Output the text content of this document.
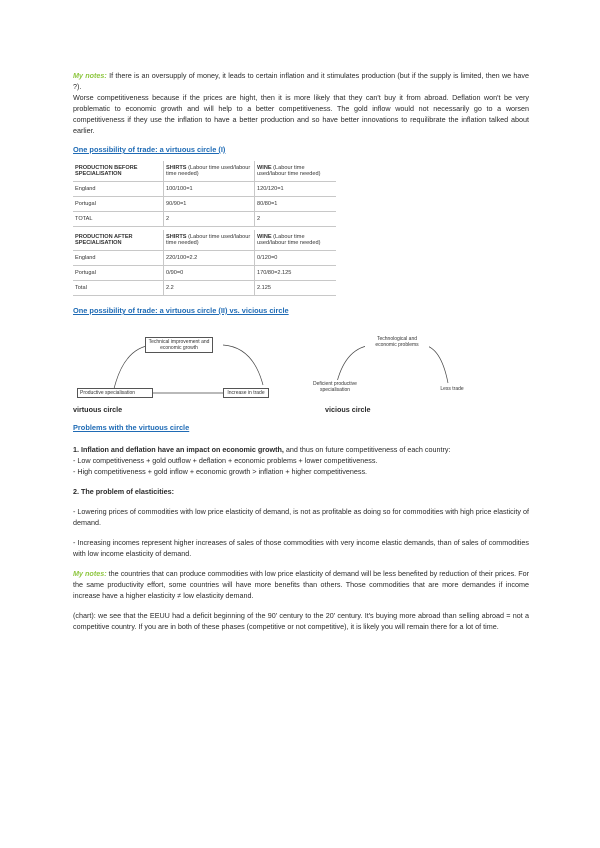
My notes: If there is an oversupply of money, it leads to certain inflation and it stimulates production (but if the supply is limited, then we have ?).

Worse competitiveness because if the prices are hight, then it is more likely that they can't buy it from abroad. Deflation won't be very problematic to economic growth and will help to a better competitiveness. The gold inflow would not necessarily go to a worsen competitiveness if they use the inflation to have a better production and so have better innovations to requilibrate the inflation talked about earlier.

One possibility of trade: a virtuous circle (I)
PRODUCTION BEFORE SPECIALISATION	SHIRTS (Labour time used/labour time needed)	WINE (Labour time used/labour time needed)
England	100/100=1	120/120=1
Portugal	90/90=1	80/80=1
TOTAL	2	2

PRODUCTION AFTER SPECIALISATION	SHIRTS (Labour time used/labour time needed)	WINE (Labour time used/labour time needed)
England	220/100=2.2	0/120=0
Portugal	0/90=0	170/80=2.125
Total	2.2	2.125
One possibility of trade: a virtuous circle (II) vs. vicious circle
Technical improvement and economic growth
Productive specialisation	Increase in trade
Technological and economic problems
Deficient productive specialisation	Less trade
virtuous circle	vicious circle
Problems with the virtuous circle

1. Inflation and deflation have an impact on economic growth, and thus on future competitiveness of each country:

- Low competitiveness + gold outflow + deflation + economic problems + lower competitiveness.

- High competitiveness + gold inflow + economic growth > inflation + higher competitiveness.

2. The problem of elasticities:

- Lowering prices of commodities with low price elasticity of demand, is not as profitable as doing so for commodities with high price elasticity of demand.

- Increasing incomes represent higher increases of sales of those commodities with very income elastic demands, than of sales of commodities with low income elasticity of demand.

My notes: the countries that can produce commodities with low price elasticity of demand will be less benefited by reduction of their prices. For the same productivity effort, some countries will have more benefits than others. Those commodities that are more demandes if income increase have a higher elasticity ≠ low elasticity demand.

(chart): we see that the EEUU had a deficit beginning of the 90' century to the 20' century. It's buying more abroad than selling abroad = not a competitive country. If you are in both of these phases (competitive or not competitive), it is likely you will remain there for a lot of time.
